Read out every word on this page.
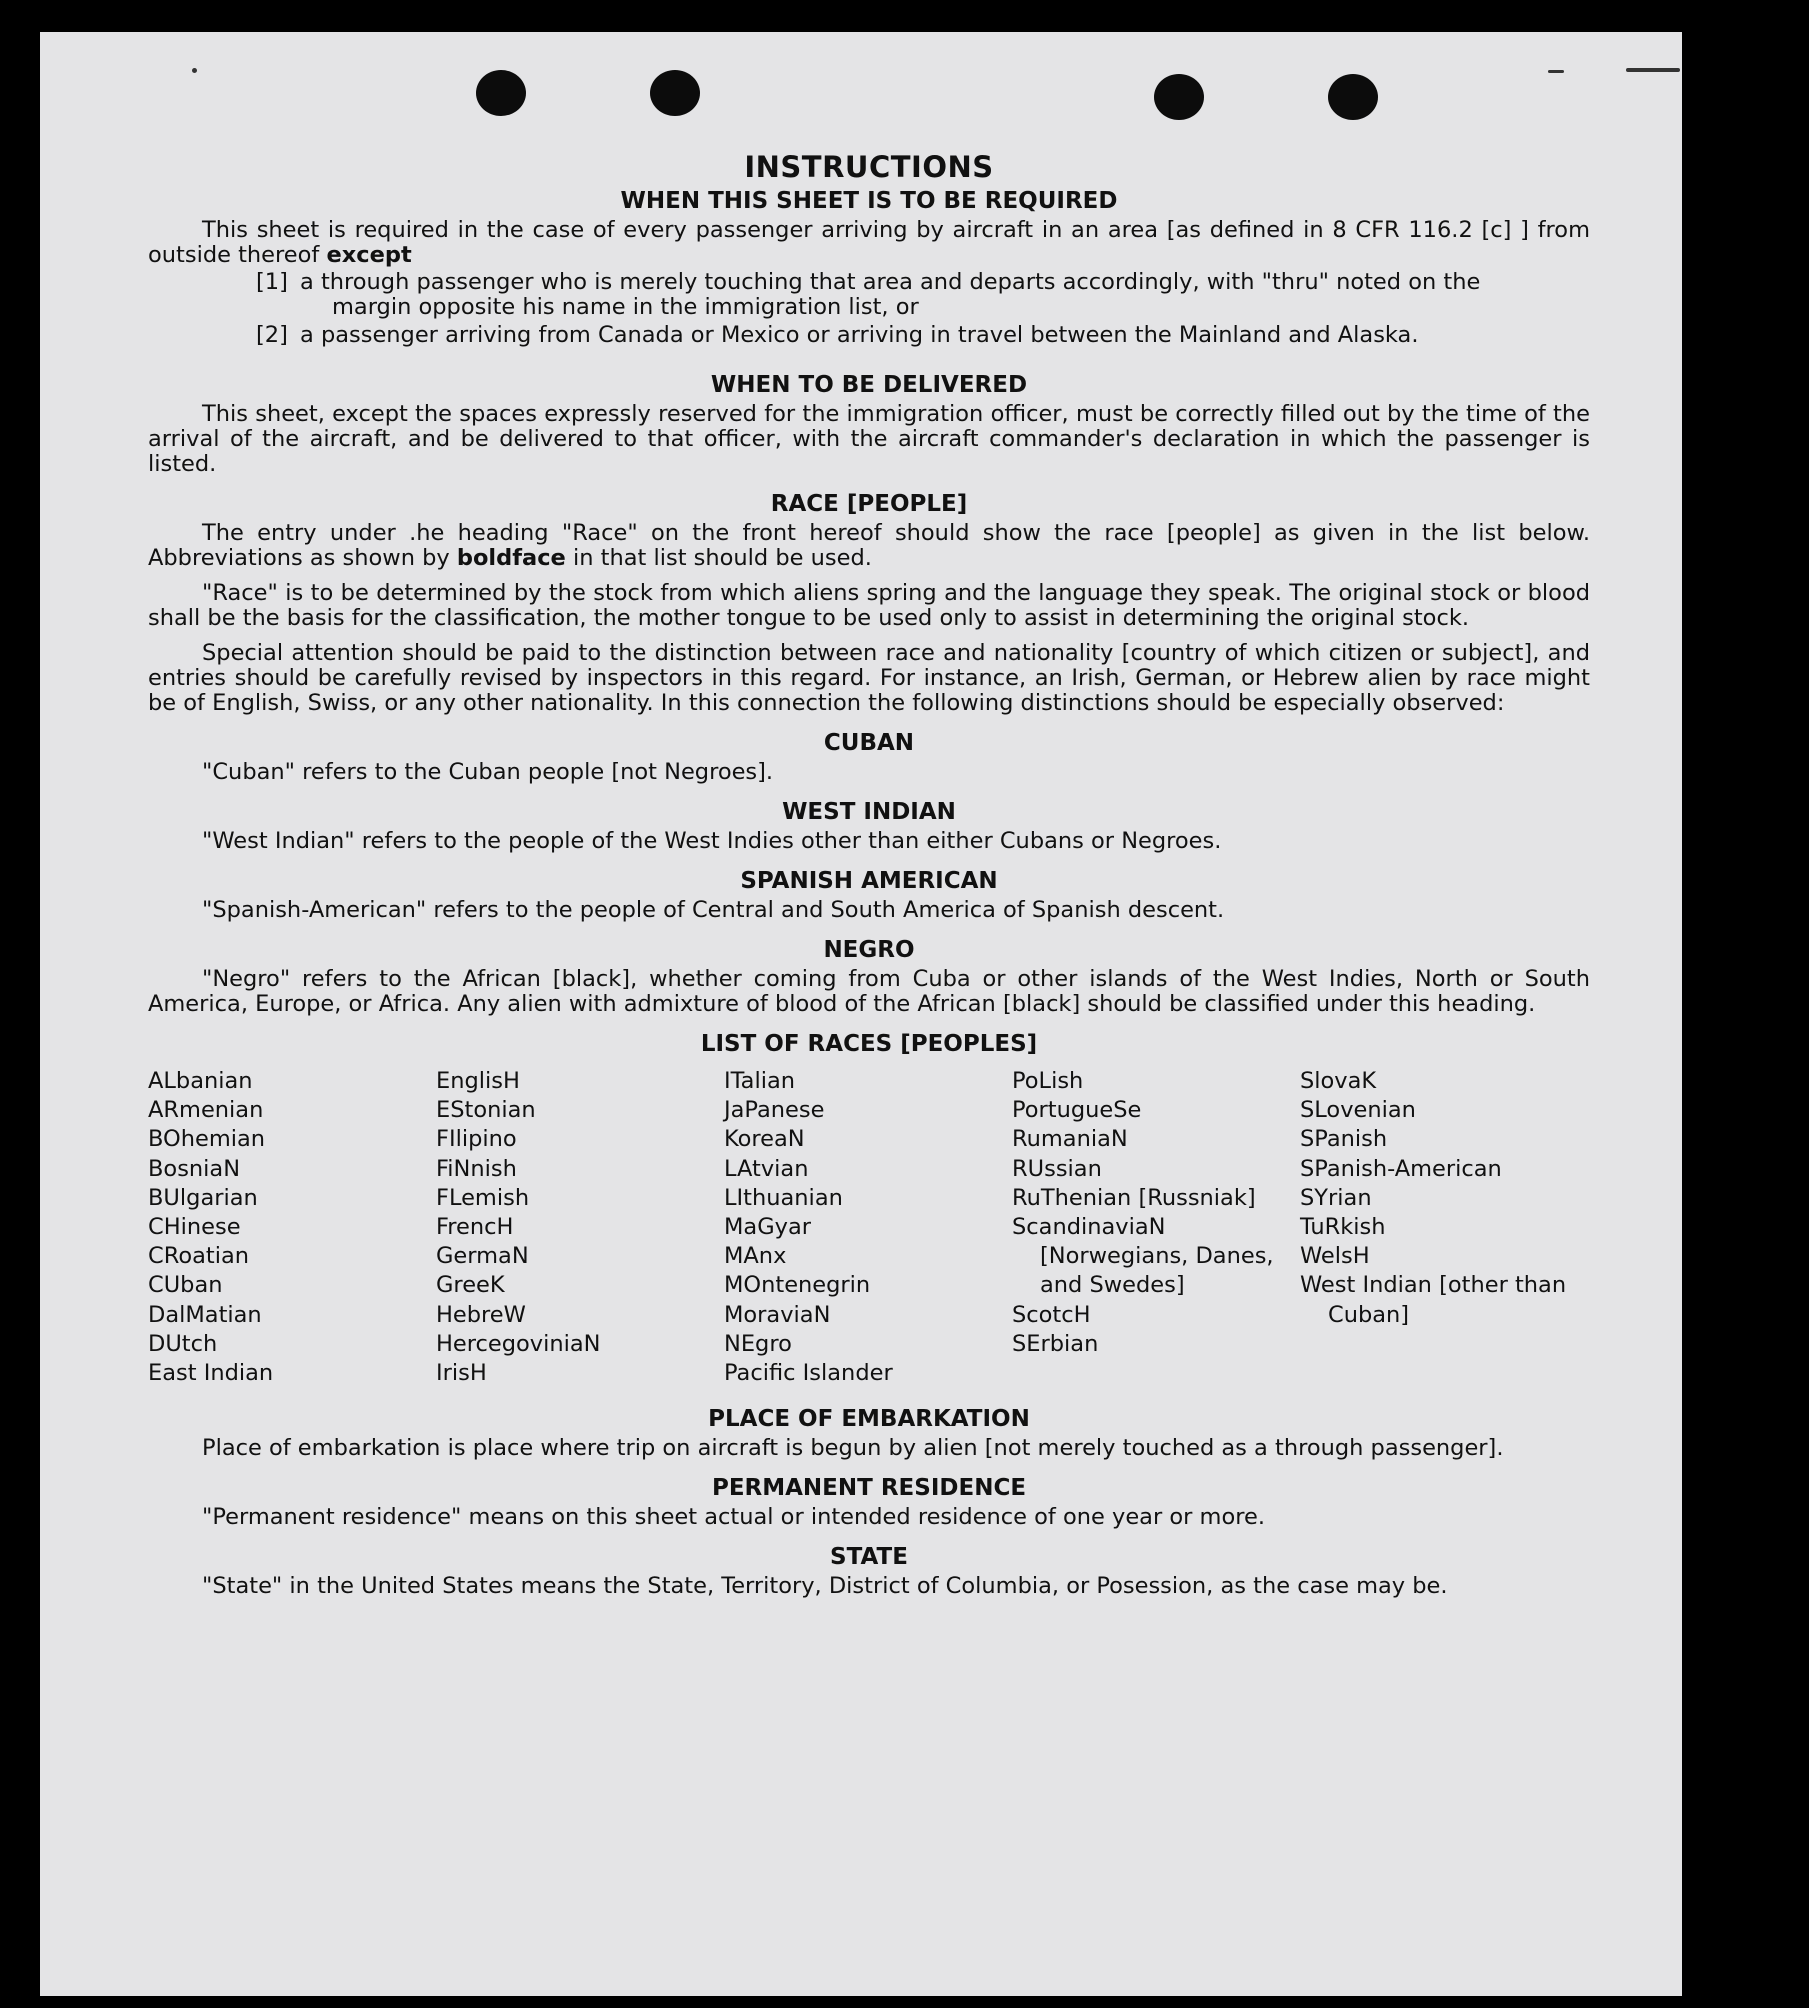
INSTRUCTIONS
WHEN THIS SHEET IS TO BE REQUIRED

This sheet is required in the case of every passenger arriving by aircraft in an area [as defined in 8 CFR 116.2 [c] ] from outside thereof except

[1] a through passenger who is merely touching that area and departs accordingly, with "thru" noted on the
margin opposite his name in the immigration list, or
[2] a passenger arriving from Canada or Mexico or arriving in travel between the Mainland and Alaska.
WHEN TO BE DELIVERED

This sheet, except the spaces expressly reserved for the immigration officer, must be correctly filled out by the time of the arrival of the aircraft, and be delivered to that officer, with the aircraft commander's declaration in which the passenger is listed.

RACE [PEOPLE]

The entry under .he heading "Race" on the front hereof should show the race [people] as given in the list below. Abbreviations as shown by boldface in that list should be used.

"Race" is to be determined by the stock from which aliens spring and the language they speak. The original stock or blood shall be the basis for the classification, the mother tongue to be used only to assist in determining the original stock.

Special attention should be paid to the distinction between race and nationality [country of which citizen or subject], and entries should be carefully revised by inspectors in this regard. For instance, an Irish, German, or Hebrew alien by race might be of English, Swiss, or any other nationality. In this connection the following distinctions should be especially observed:

CUBAN

"Cuban" refers to the Cuban people [not Negroes].

WEST INDIAN

"West Indian" refers to the people of the West Indies other than either Cubans or Negroes.

SPANISH AMERICAN

"Spanish-American" refers to the people of Central and South America of Spanish descent.

NEGRO

"Negro" refers to the African [black], whether coming from Cuba or other islands of the West Indies, North or South America, Europe, or Africa. Any alien with admixture of blood of the African [black] should be classified under this heading.

LIST OF RACES [PEOPLES]
ALbanian
ARmenian
BOhemian
BosniaN
BUlgarian
CHinese
CRoatian
CUban
DalMatian
DUtch
East Indian
EnglisH
EStonian
FIlipino
FiNnish
FLemish
FrencH
GermaN
GreeK
HebreW
HercegoviniaN
IrisH
ITalian
JaPanese
KoreaN
LAtvian
LIthuanian
MaGyar
MAnx
MOntenegrin
MoraviaN
NEgro
Pacific Islander
PoLish
PortugueSe
RumaniaN
RUssian
RuThenian [Russniak]
ScandinaviaN [Norwegians, Danes, and Swedes]
ScotcH
SErbian
SlovaK
SLovenian
SPanish
SPanish-American
SYrian
TuRkish
WelsH
West Indian [other than Cuban]
PLACE OF EMBARKATION

Place of embarkation is place where trip on aircraft is begun by alien [not merely touched as a through passenger].

PERMANENT RESIDENCE

"Permanent residence" means on this sheet actual or intended residence of one year or more.

STATE

"State" in the United States means the State, Territory, District of Columbia, or Posession, as the case may be.
